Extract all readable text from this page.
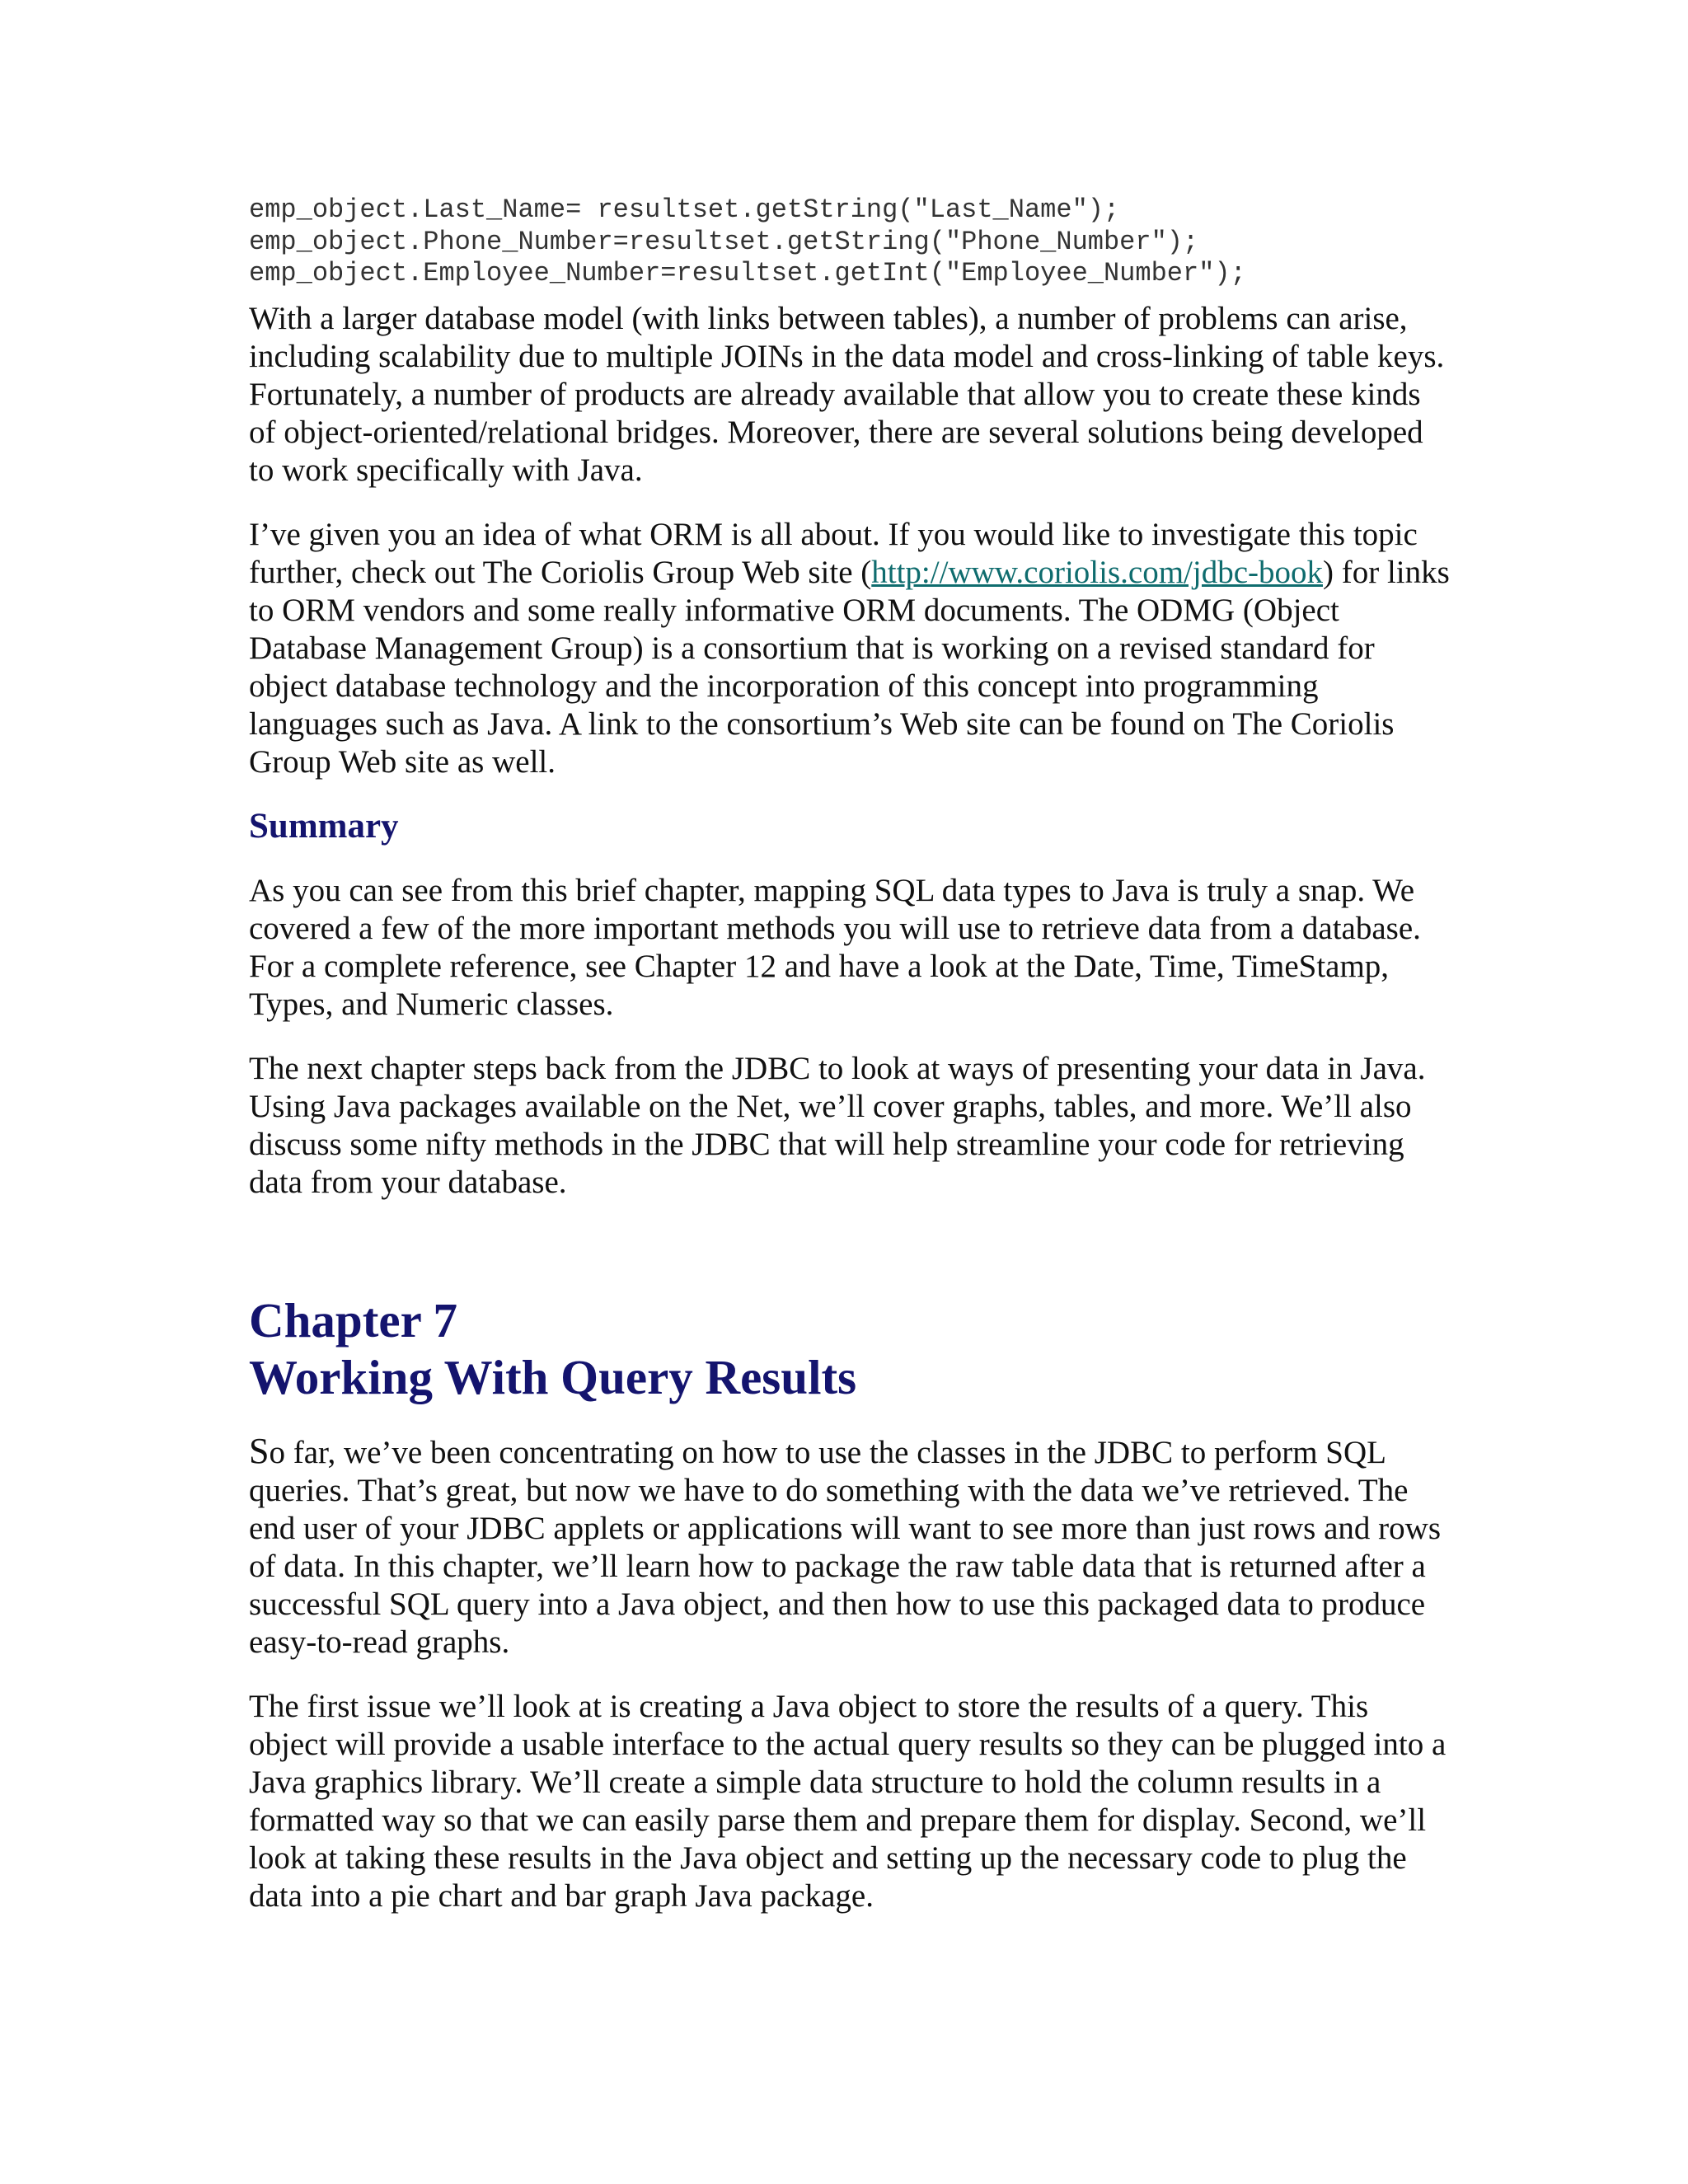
emp_object.Last_Name= resultset.getString("Last_Name");

emp_object.Phone_Number=resultset.getString("Phone_Number");

emp_object.Employee_Number=resultset.getInt("Employee_Number");

With a larger database model (with links between tables), a number of problems can arise, including scalability due to multiple JOINs in the data model and cross-linking of table keys. Fortunately, a number of products are already available that allow you to create these kinds of object-oriented/relational bridges. Moreover, there are several solutions being developed to work specifically with Java.

I’ve given you an idea of what ORM is all about. If you would like to investigate this topic further, check out The Coriolis Group Web site (http://www.coriolis.com/jdbc-book) for links to ORM vendors and some really informative ORM documents. The ODMG (Object Database Management Group) is a consortium that is working on a revised standard for object database technology and the incorporation of this concept into programming languages such as Java. A link to the consortium’s Web site can be found on The Coriolis Group Web site as well.

Summary

As you can see from this brief chapter, mapping SQL data types to Java is truly a snap. We covered a few of the more important methods you will use to retrieve data from a database. For a complete reference, see Chapter 12 and have a look at the Date, Time, TimeStamp, Types, and Numeric classes.

The next chapter steps back from the JDBC to look at ways of presenting your data in Java. Using Java packages available on the Net, we’ll cover graphs, tables, and more. We’ll also discuss some nifty methods in the JDBC that will help streamline your code for retrieving data from your database.

Chapter 7
Working With Query Results

So far, we’ve been concentrating on how to use the classes in the JDBC to perform SQL queries. That’s great, but now we have to do something with the data we’ve retrieved. The end user of your JDBC applets or applications will want to see more than just rows and rows of data. In this chapter, we’ll learn how to package the raw table data that is returned after a successful SQL query into a Java object, and then how to use this packaged data to produce easy-to-read graphs.

The first issue we’ll look at is creating a Java object to store the results of a query. This object will provide a usable interface to the actual query results so they can be plugged into a Java graphics library. We’ll create a simple data structure to hold the column results in a formatted way so that we can easily parse them and prepare them for display. Second, we’ll look at taking these results in the Java object and setting up the necessary code to plug the data into a pie chart and bar graph Java package.
